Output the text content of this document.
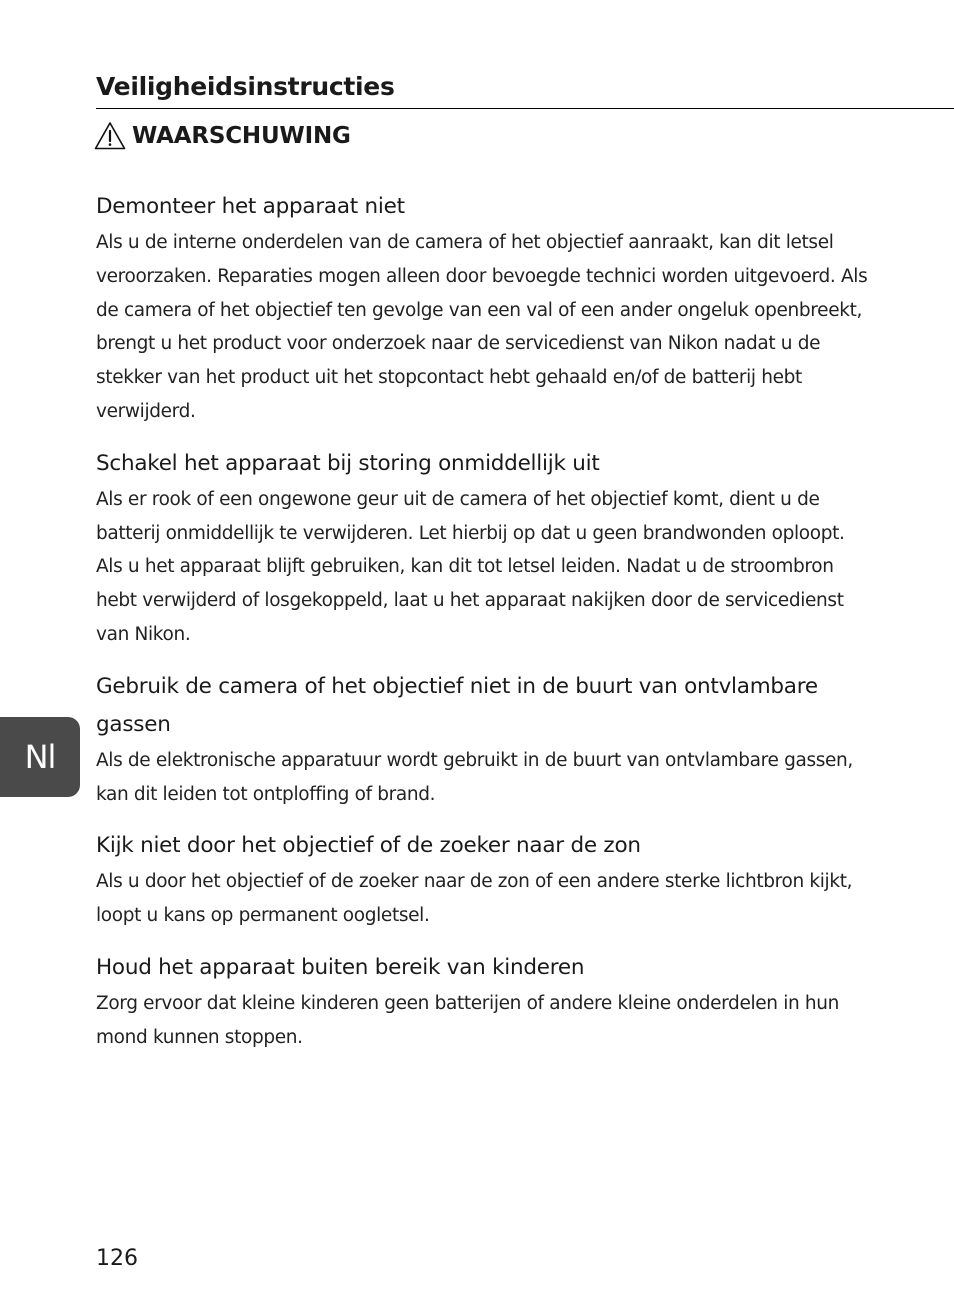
Veiligheidsinstructies
WAARSCHUWING
Demonteer het apparaat niet

Als u de interne onderdelen van de camera of het objectief aanraakt, kan dit letsel veroorzaken. Reparaties mogen alleen door bevoegde technici worden uitgevoerd. Als de camera of het objectief ten gevolge van een val of een ander ongeluk openbreekt, brengt u het product voor onderzoek naar de servicedienst van Nikon nadat u de stekker van het product uit het stopcontact hebt gehaald en/of de batterij hebt verwijderd.

Schakel het apparaat bij storing onmiddellijk uit

Als er rook of een ongewone geur uit de camera of het objectief komt, dient u de batterij onmiddellijk te verwijderen. Let hierbij op dat u geen brandwonden oploopt. Als u het apparaat blijft gebruiken, kan dit tot letsel leiden. Nadat u de stroombron hebt verwijderd of losgekoppeld, laat u het apparaat nakijken door de servicedienst van Nikon.

Gebruik de camera of het objectief niet in de buurt van ontvlambare gassen

Als de elektronische apparatuur wordt gebruikt in de buurt van ontvlambare gassen, kan dit leiden tot ontploffing of brand.

Kijk niet door het objectief of de zoeker naar de zon

Als u door het objectief of de zoeker naar de zon of een andere sterke lichtbron kijkt, loopt u kans op permanent oogletsel.

Houd het apparaat buiten bereik van kinderen

Zorg ervoor dat kleine kinderen geen batterijen of andere kleine onderdelen in hun mond kunnen stoppen.

Nl
126
